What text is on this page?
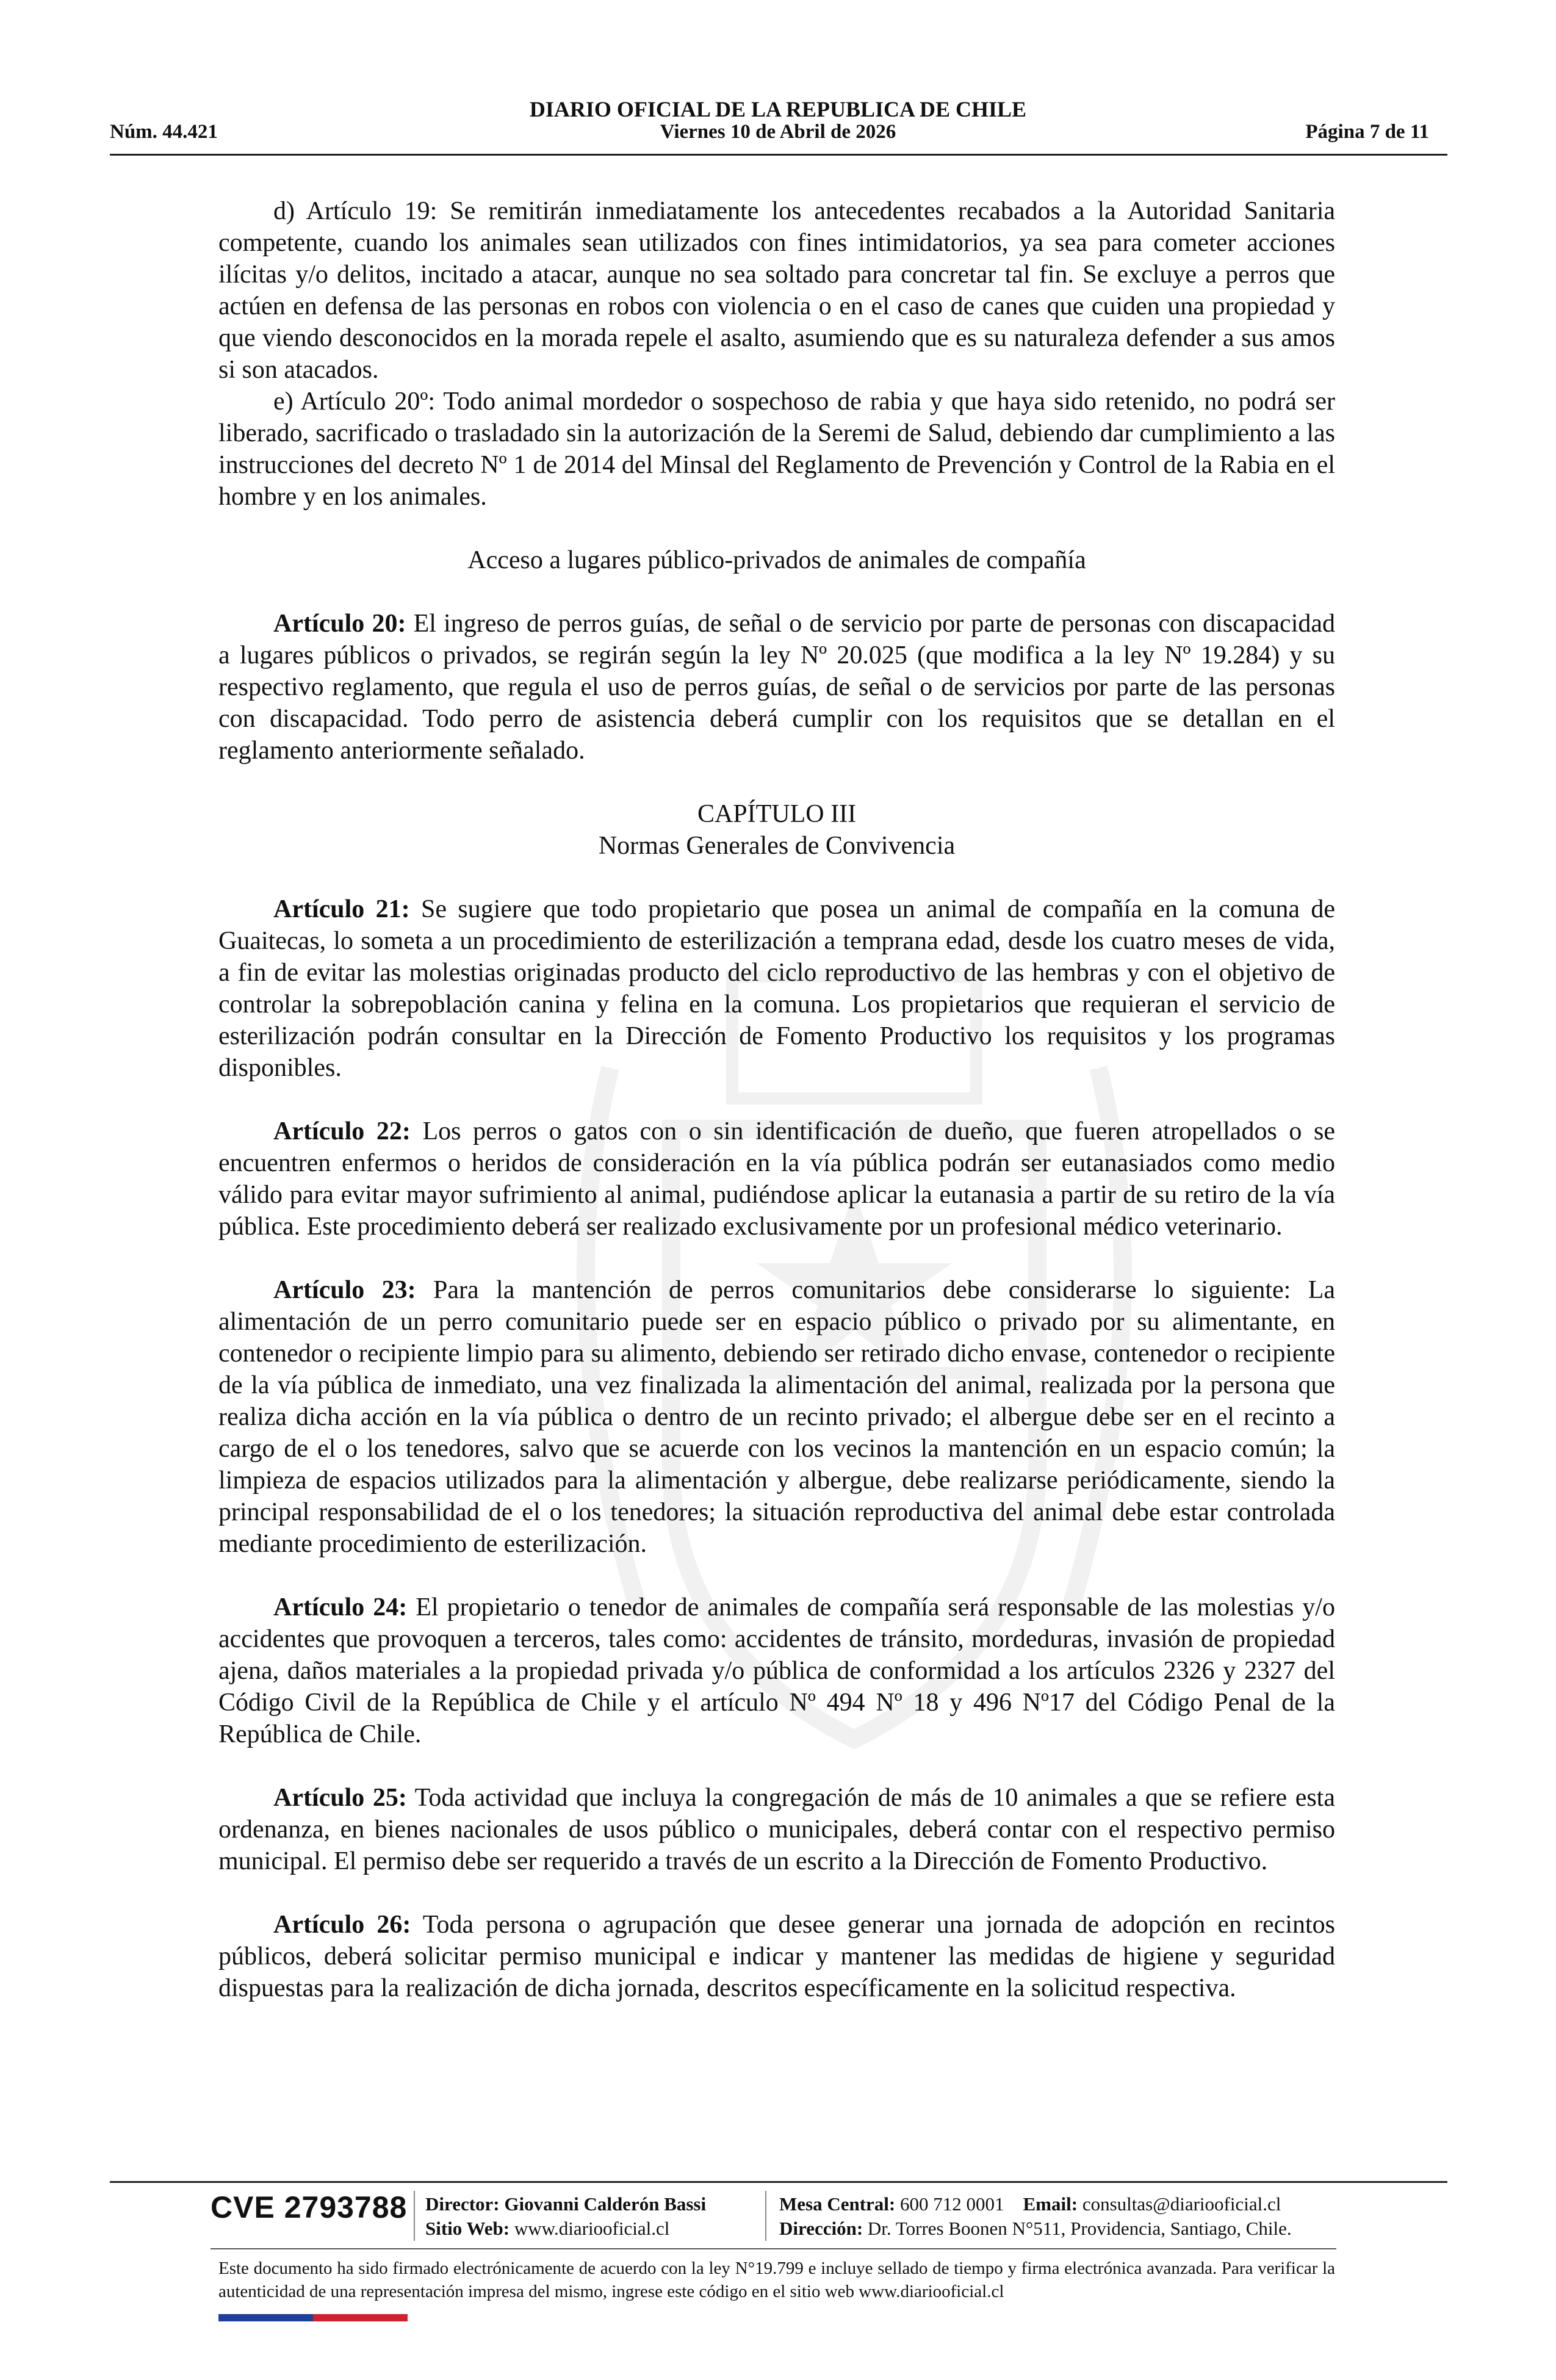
DIARIO OFICIAL DE LA REPUBLICA DE CHILE
Núm. 44.421	Viernes 10 de Abril de 2026	Página 7 de 11

d) Artículo 19: Se remitirán inmediatamente los antecedentes recabados a la Autoridad Sanitaria competente, cuando los animales sean utilizados con fines intimidatorios, ya sea para cometer acciones ilícitas y/o delitos, incitado a atacar, aunque no sea soltado para concretar tal fin. Se excluye a perros que actúen en defensa de las personas en robos con violencia o en el caso de canes que cuiden una propiedad y que viendo desconocidos en la morada repele el asalto, asumiendo que es su naturaleza defender a sus amos si son atacados.

e) Artículo 20º: Todo animal mordedor o sospechoso de rabia y que haya sido retenido, no podrá ser liberado, sacrificado o trasladado sin la autorización de la Seremi de Salud, debiendo dar cumplimiento a las instrucciones del decreto Nº 1 de 2014 del Minsal del Reglamento de Prevención y Control de la Rabia en el hombre y en los animales.

Acceso a lugares público-privados de animales de compañía

Artículo 20: El ingreso de perros guías, de señal o de servicio por parte de personas con discapacidad a lugares públicos o privados, se regirán según la ley Nº 20.025 (que modifica a la ley Nº 19.284) y su respectivo reglamento, que regula el uso de perros guías, de señal o de servicios por parte de las personas con discapacidad. Todo perro de asistencia deberá cumplir con los requisitos que se detallan en el reglamento anteriormente señalado.

CAPÍTULO III

Normas Generales de Convivencia

Artículo 21: Se sugiere que todo propietario que posea un animal de compañía en la comuna de Guaitecas, lo someta a un procedimiento de esterilización a temprana edad, desde los cuatro meses de vida, a fin de evitar las molestias originadas producto del ciclo reproductivo de las hembras y con el objetivo de controlar la sobrepoblación canina y felina en la comuna. Los propietarios que requieran el servicio de esterilización podrán consultar en la Dirección de Fomento Productivo los requisitos y los programas disponibles.

Artículo 22: Los perros o gatos con o sin identificación de dueño, que fueren atropellados o se encuentren enfermos o heridos de consideración en la vía pública podrán ser eutanasiados como medio válido para evitar mayor sufrimiento al animal, pudiéndose aplicar la eutanasia a partir de su retiro de la vía pública. Este procedimiento deberá ser realizado exclusivamente por un profesional médico veterinario.

Artículo 23: Para la mantención de perros comunitarios debe considerarse lo siguiente: La alimentación de un perro comunitario puede ser en espacio público o privado por su alimentante, en contenedor o recipiente limpio para su alimento, debiendo ser retirado dicho envase, contenedor o recipiente de la vía pública de inmediato, una vez finalizada la alimentación del animal, realizada por la persona que realiza dicha acción en la vía pública o dentro de un recinto privado; el albergue debe ser en el recinto a cargo de el o los tenedores, salvo que se acuerde con los vecinos la mantención en un espacio común; la limpieza de espacios utilizados para la alimentación y albergue, debe realizarse periódicamente, siendo la principal responsabilidad de el o los tenedores; la situación reproductiva del animal debe estar controlada mediante procedimiento de esterilización.

Artículo 24: El propietario o tenedor de animales de compañía será responsable de las molestias y/o accidentes que provoquen a terceros, tales como: accidentes de tránsito, mordeduras, invasión de propiedad ajena, daños materiales a la propiedad privada y/o pública de conformidad a los artículos 2326 y 2327 del Código Civil de la República de Chile y el artículo Nº 494 Nº 18 y 496 Nº17 del Código Penal de la República de Chile.

Artículo 25: Toda actividad que incluya la congregación de más de 10 animales a que se refiere esta ordenanza, en bienes nacionales de usos público o municipales, deberá contar con el respectivo permiso municipal. El permiso debe ser requerido a través de un escrito a la Dirección de Fomento Productivo.

Artículo 26: Toda persona o agrupación que desee generar una jornada de adopción en recintos públicos, deberá solicitar permiso municipal e indicar y mantener las medidas de higiene y seguridad dispuestas para la realización de dicha jornada, descritos específicamente en la solicitud respectiva.

CVE 2793788 Director: Giovanni Calderón Bassi
Sitio Web: www.diariooficial.cl
Mesa Central: 600 712 0001 Email: consultas@diariooficial.cl
Dirección: Dr. Torres Boonen N°511, Providencia, Santiago, Chile.
Este documento ha sido firmado electrónicamente de acuerdo con la ley N°19.799 e incluye sellado de tiempo y firma electrónica avanzada. Para verificar la autenticidad de una representación impresa del mismo, ingrese este código en el sitio web www.diariooficial.cl
